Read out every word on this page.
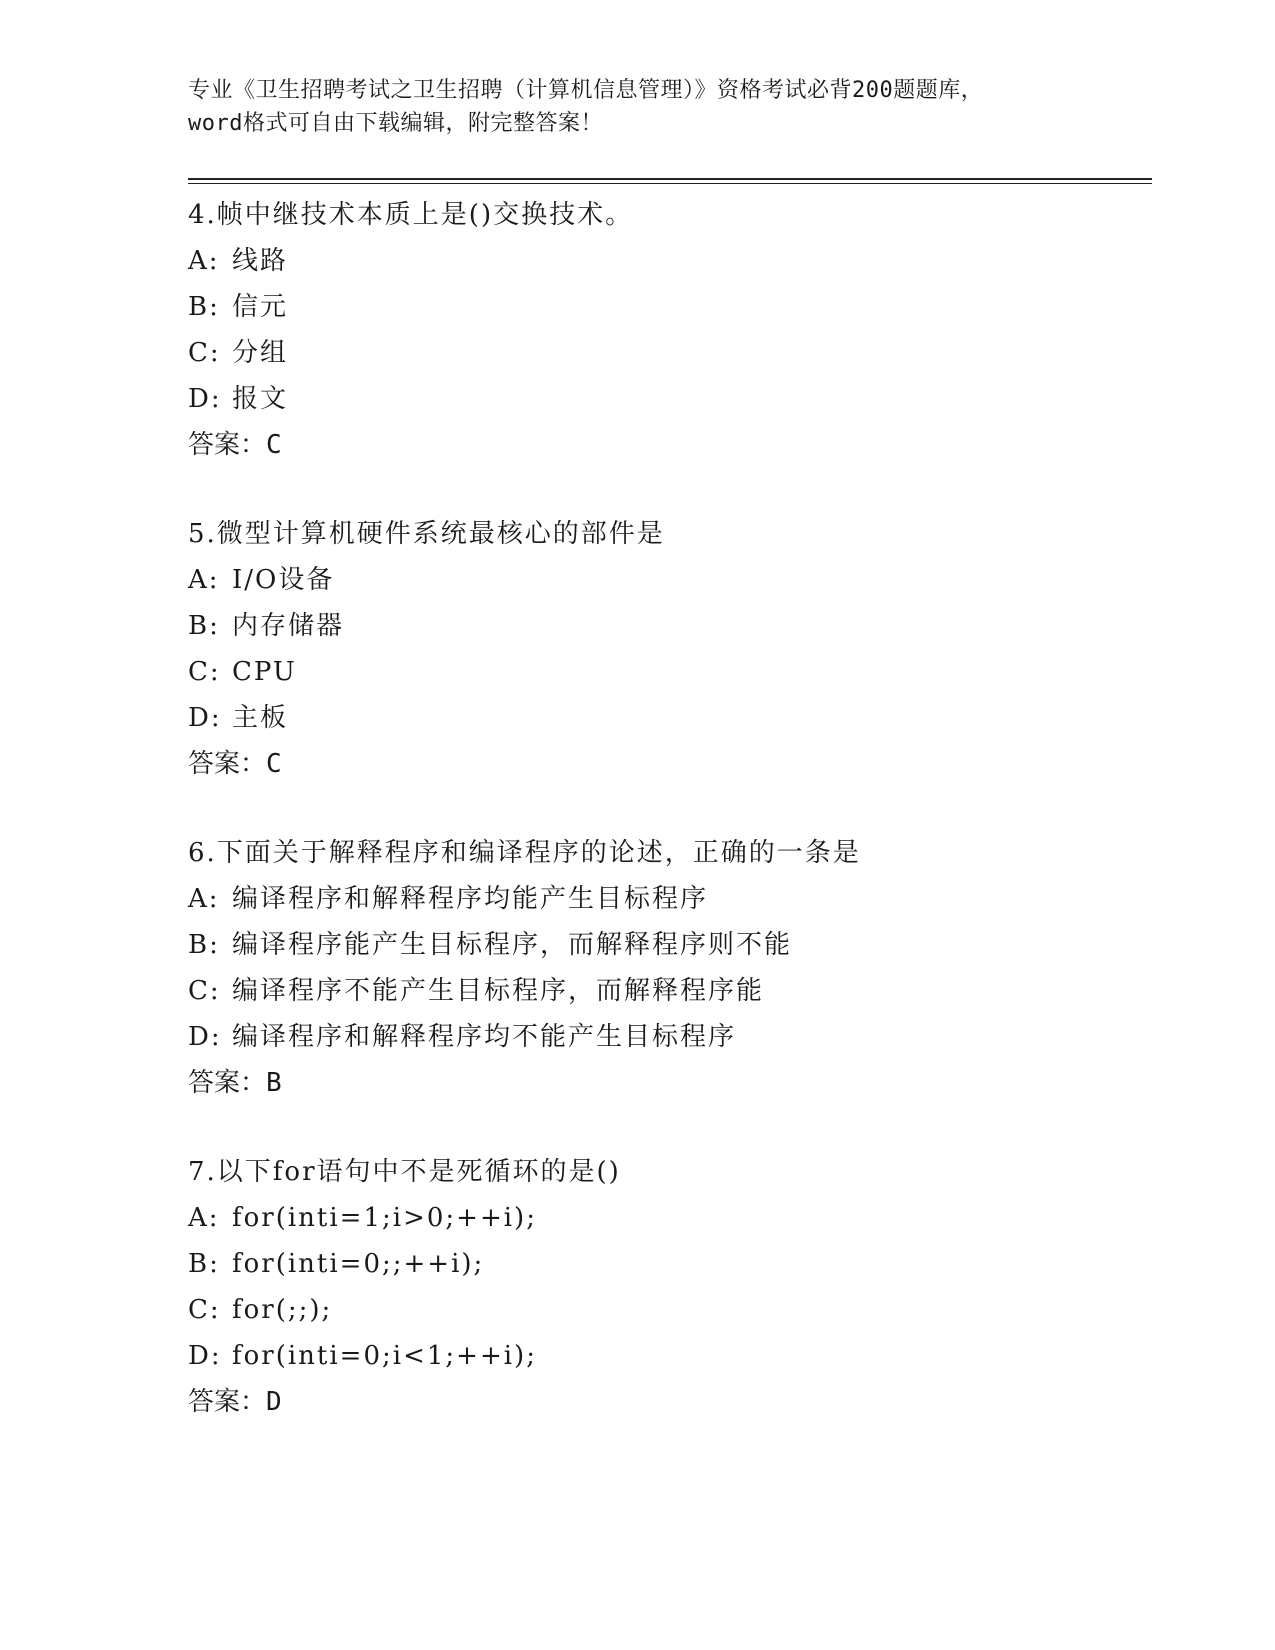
专业《卫生招聘考试之卫生招聘（计算机信息管理）》资格考试必背200题题库，
word格式可自由下载编辑，附完整答案！
4.帧中继技术本质上是()交换技术。
A: 线路
B: 信元
C: 分组
D: 报文
答案：C
5.微型计算机硬件系统最核心的部件是
A: I/O设备
B: 内存储器
C: CPU
D: 主板
答案：C
6.下面关于解释程序和编译程序的论述，正确的一条是
A: 编译程序和解释程序均能产生目标程序
B: 编译程序能产生目标程序，而解释程序则不能
C: 编译程序不能产生目标程序，而解释程序能
D: 编译程序和解释程序均不能产生目标程序
答案：B
7.以下for语句中不是死循环的是()
A: for(inti=1;i>0;++i);
B: for(inti=0;;++i);
C: for(;;);
D: for(inti=0;i<1;++i);
答案：D
